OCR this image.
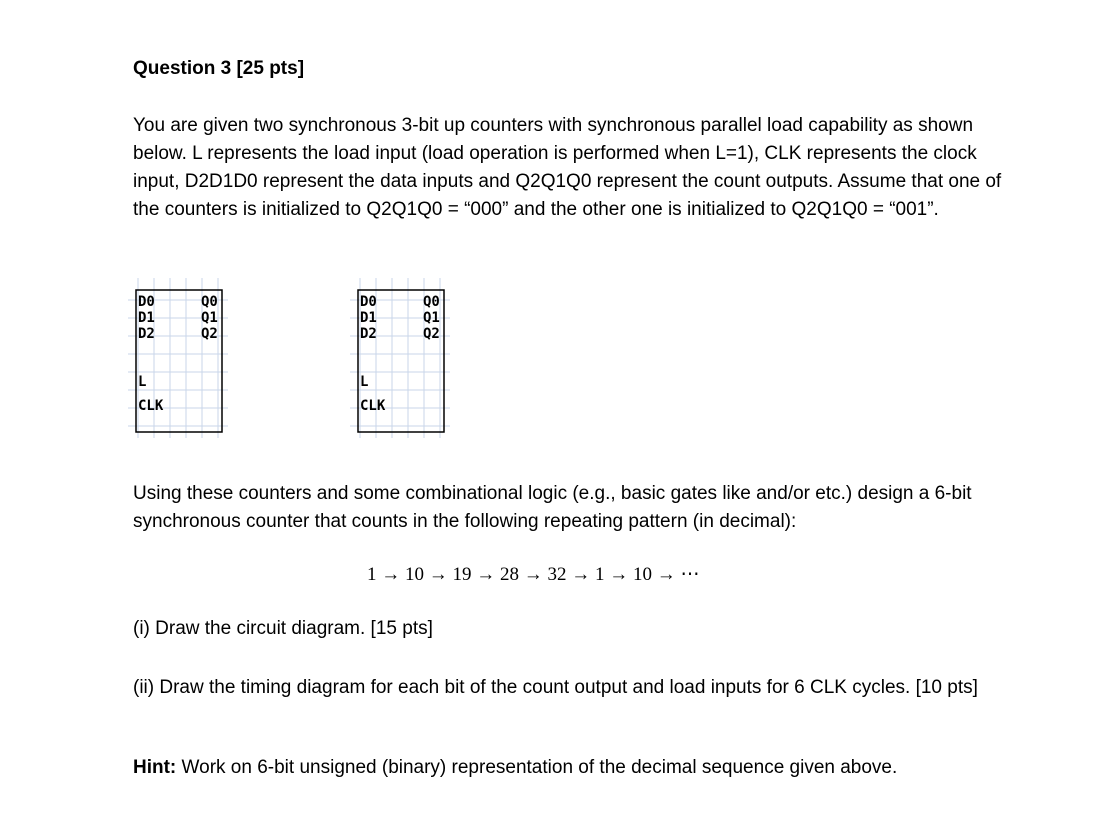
Question 3 [25 pts]
You are given two synchronous 3-bit up counters with synchronous parallel load capability as shown below. L represents the load input (load operation is performed when L=1), CLK represents the clock input, D2D1D0 represent the data inputs and Q2Q1Q0 represent the count outputs. Assume that one of the counters is initialized to Q2Q1Q0 = “000” and the other one is initialized to Q2Q1Q0 = “001”.
D0
D1
D2
Q0
Q1
Q2
L
CLK
D0
D1
D2
Q0
Q1
Q2
L
CLK
Using these counters and some combinational logic (e.g., basic gates like and/or etc.) design a 6-bit synchronous counter that counts in the following repeating pattern (in decimal):
1 → 10 → 19 → 28 → 32 → 1 → 10 → ⋯
(i) Draw the circuit diagram. [15 pts]
(ii) Draw the timing diagram for each bit of the count output and load inputs for 6 CLK cycles. [10 pts]
Hint: Work on 6-bit unsigned (binary) representation of the decimal sequence given above.
